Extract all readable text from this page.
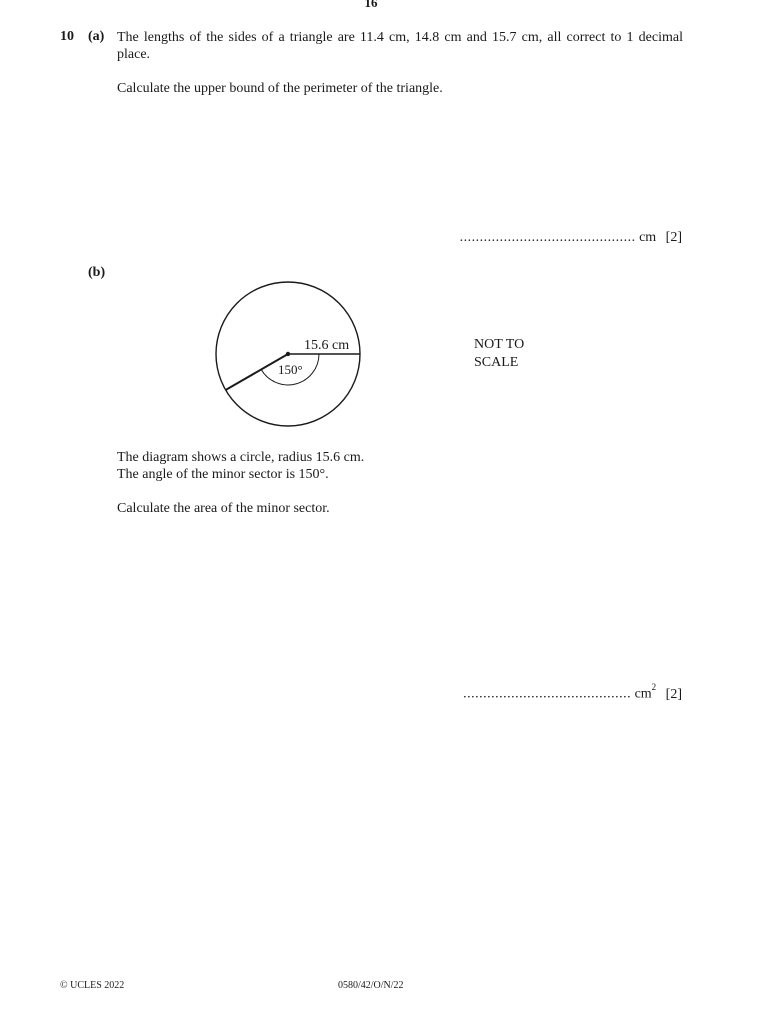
16
10 (a) The lengths of the sides of a triangle are 11.4 cm, 14.8 cm and 15.7 cm, all correct to 1 decimal place.
Calculate the upper bound of the perimeter of the triangle.
............................................ cm [2]
(b)
15.6 cm
150°
NOT TO
SCALE
The diagram shows a circle, radius 15.6 cm.
The angle of the minor sector is 150°.
Calculate the area of the minor sector.
.......................................... $cm^2$ [2]
© UCLES 2022	0580/42/O/N/22
